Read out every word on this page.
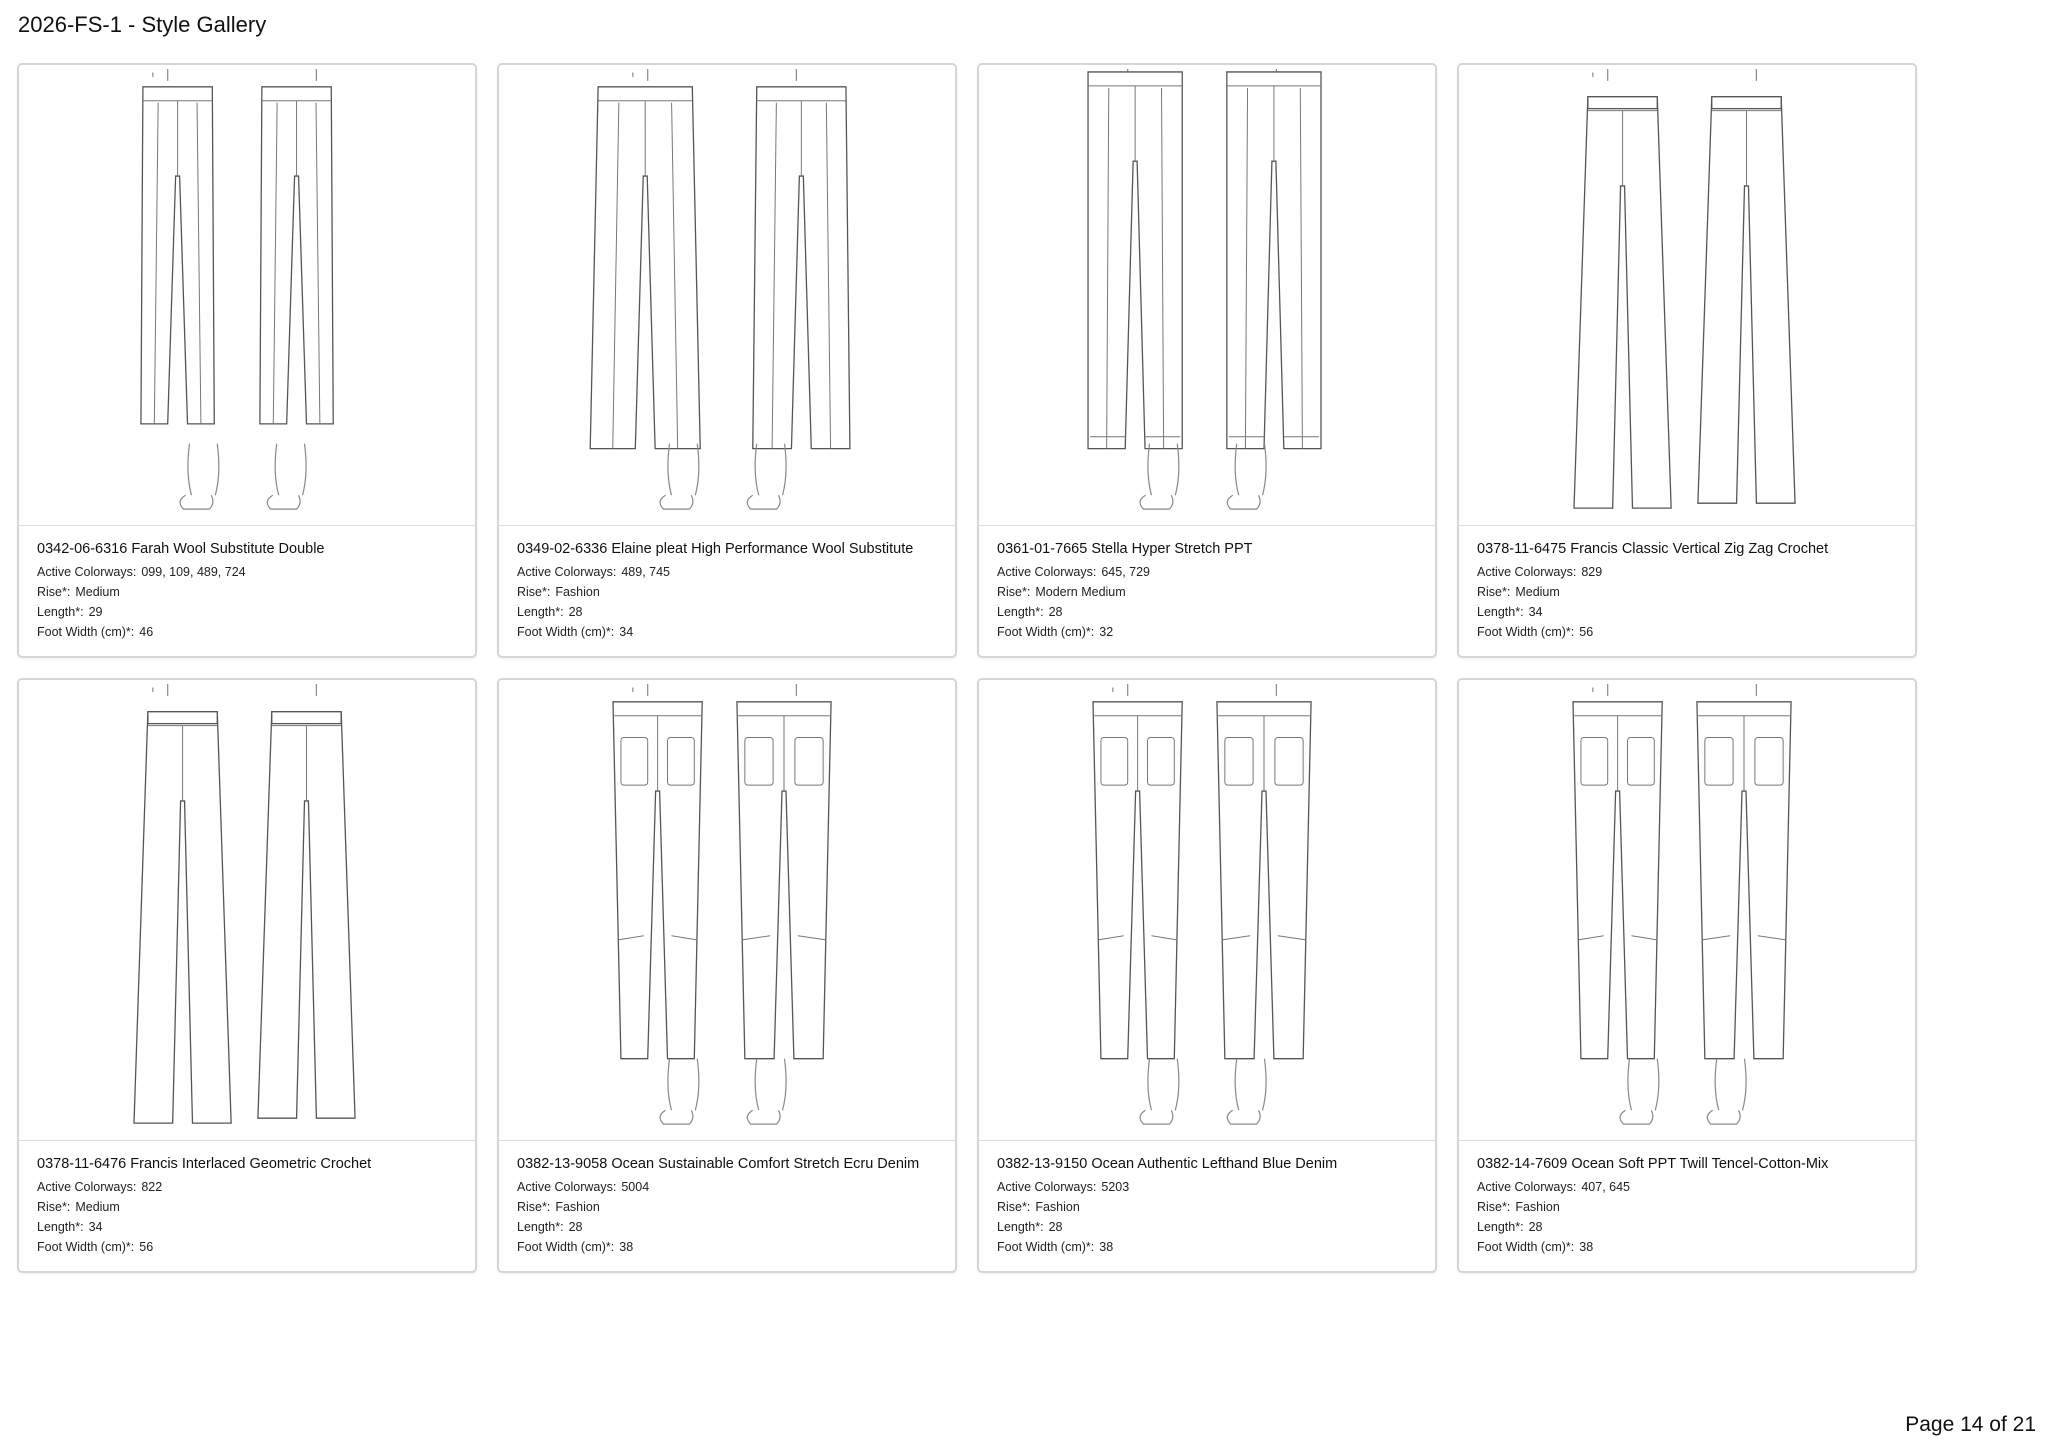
2026-FS-1 - Style Gallery
0342-06-6316 Farah Wool Substitute Double
Active Colorways: 099, 109, 489, 724
Rise*: Medium
Length*: 29
Foot Width (cm)*: 46
0349-02-6336 Elaine pleat High Performance Wool Substitute
Active Colorways: 489, 745
Rise*: Fashion
Length*: 28
Foot Width (cm)*: 34
0361-01-7665 Stella Hyper Stretch PPT
Active Colorways: 645, 729
Rise*: Modern Medium
Length*: 28
Foot Width (cm)*: 32
0378-11-6475 Francis Classic Vertical Zig Zag Crochet
Active Colorways: 829
Rise*: Medium
Length*: 34
Foot Width (cm)*: 56
0378-11-6476 Francis Interlaced Geometric Crochet
Active Colorways: 822
Rise*: Medium
Length*: 34
Foot Width (cm)*: 56
0382-13-9058 Ocean Sustainable Comfort Stretch Ecru Denim
Active Colorways: 5004
Rise*: Fashion
Length*: 28
Foot Width (cm)*: 38
0382-13-9150 Ocean Authentic Lefthand Blue Denim
Active Colorways: 5203
Rise*: Fashion
Length*: 28
Foot Width (cm)*: 38
0382-14-7609 Ocean Soft PPT Twill Tencel-Cotton-Mix
Active Colorways: 407, 645
Rise*: Fashion
Length*: 28
Foot Width (cm)*: 38
Page 14 of 21
